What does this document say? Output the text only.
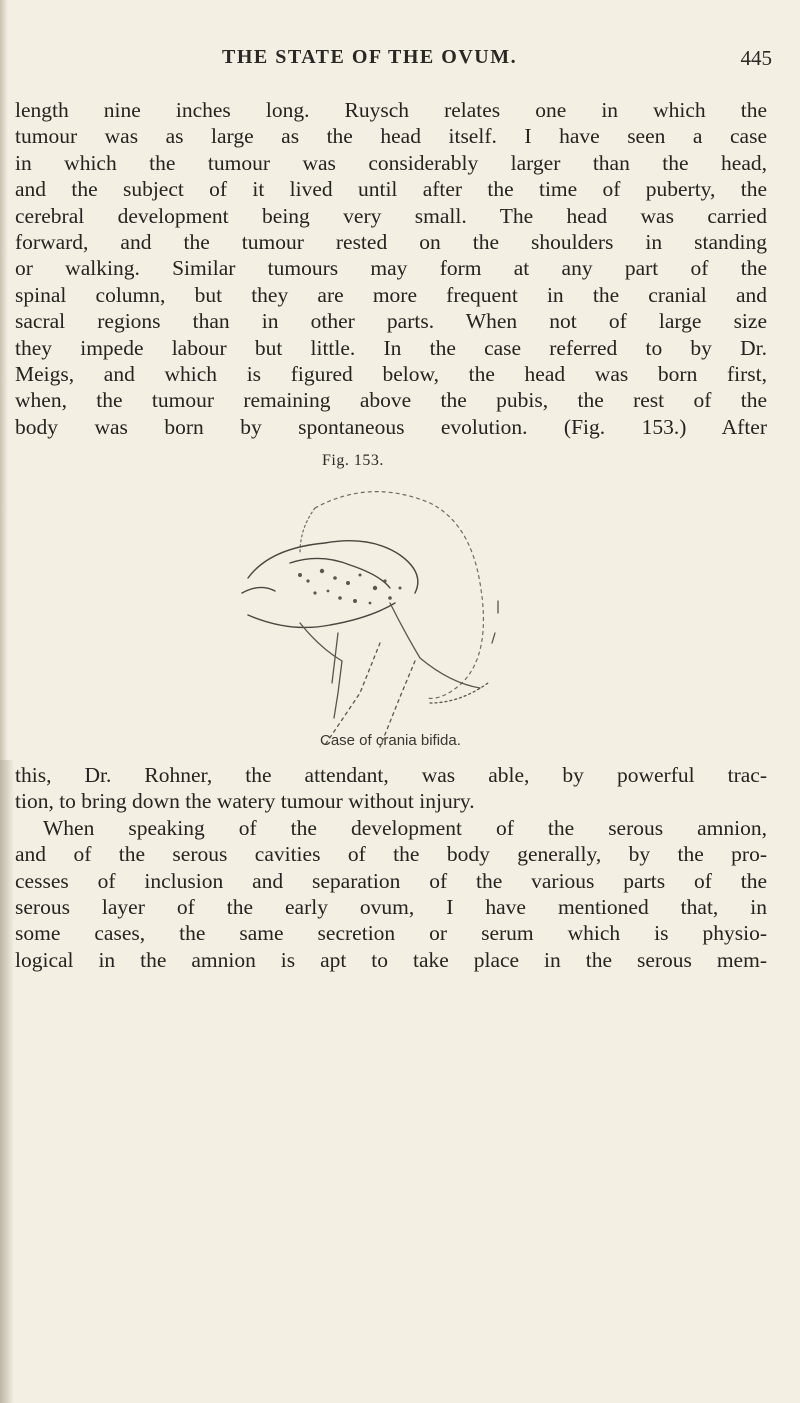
THE STATE OF THE OVUM.	445
length nine inches long. Ruysch relates one in which the
tumour was as large as the head itself. I have seen a case
in which the tumour was considerably larger than the head,
and the subject of it lived until after the time of puberty, the
cerebral development being very small. The head was carried
forward, and the tumour rested on the shoulders in standing
or walking. Similar tumours may form at any part of the
spinal column, but they are more frequent in the cranial and
sacral regions than in other parts. When not of large size
they impede labour but little. In the case referred to by Dr.
Meigs, and which is figured below, the head was born first,
when, the tumour remaining above the pubis, the rest of the
body was born by spontaneous evolution. (Fig. 153.) After
Fig. 153.
Case of crania bifida.
this, Dr. Rohner, the attendant, was able, by powerful trac-
tion, to bring down the watery tumour without injury.
When speaking of the development of the serous amnion,
and of the serous cavities of the body generally, by the pro-
cesses of inclusion and separation of the various parts of the
serous layer of the early ovum, I have mentioned that, in
some cases, the same secretion or serum which is physio-
logical in the amnion is apt to take place in the serous mem-
